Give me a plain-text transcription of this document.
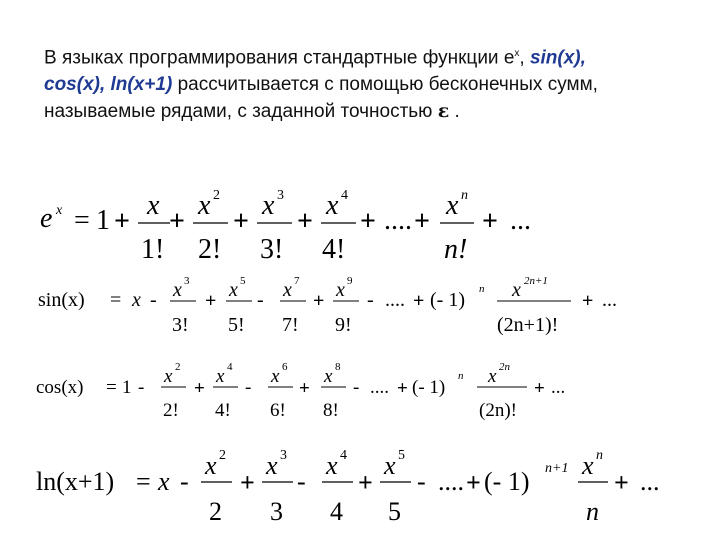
В языках программирования стандартные функции $e^x$, sin(x),
cos(x), ln(x+1) рассчитывается с помощью бесконечных сумм, называемые рядами, с заданной точностью ε .
e x = 1 +
x
1!
+
x 2
2!
+
x 3
3!
+
x 4
4!
+ .... +
x n
n!
+ ...
sin(x) = x - x 3
3!
+ x 5
5!
- x 7
7!
+ x 9
9!
- .... + (- 1) n x 2n+1
(2n+1)!
+ ...
cos(x) = 1 -
x 2
2!
+
x 4
4!
-
x 6
6!
+
x 8
8!
- .... + (- 1)
n x 2n
(2n)!
+ ...
ln(x+1) = x -
x 2
2
+
x 3
3
-
x 4
4
+
x 5
5
- .... + (- 1) n+1 x n
n
+ ...
